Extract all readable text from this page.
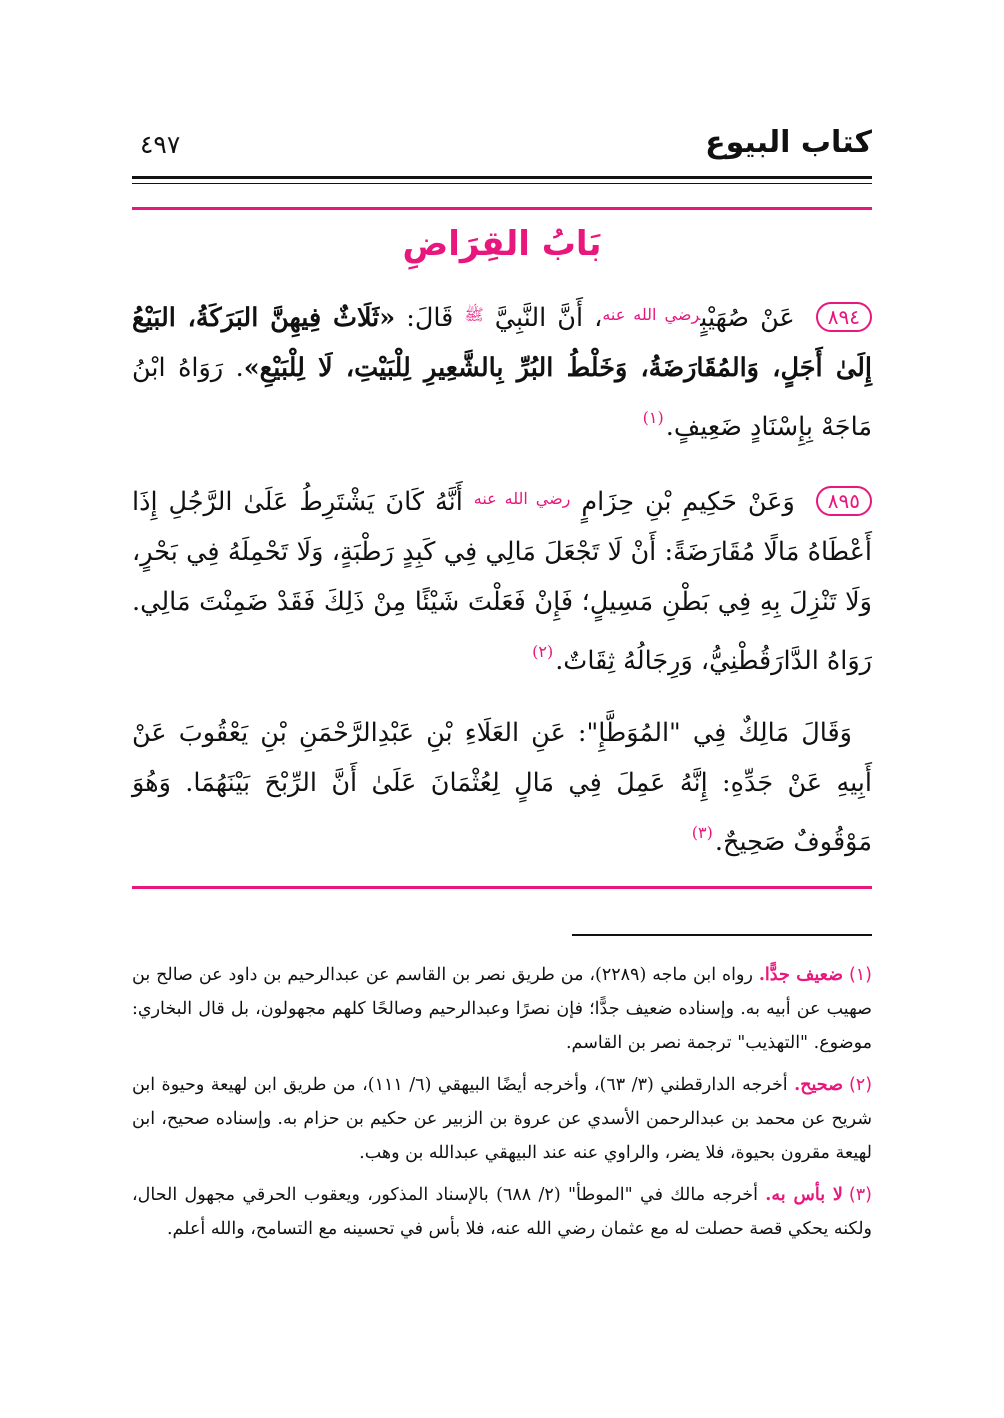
كتاب البيوع
٤٩٧
بَابُ القِرَاضِ

٨٩٤ عَنْ صُهَيْبٍ$^{رضي الله عنه}$، أَنَّ النَّبِيَّ $^ﷺ$ قَالَ: «ثَلَاثٌ فِيهِنَّ البَرَكَةُ، البَيْعُ إِلَىٰ أَجَلٍ، وَالمُقَارَضَةُ، وَخَلْطُ البُرِّ بِالشَّعِيرِ لِلْبَيْتِ، لَا لِلْبَيْعِ». رَوَاهُ ابْنُ مَاجَهْ بِإِسْنَادٍ ضَعِيفٍ.$^{(١)}$

٨٩٥ وَعَنْ حَكِيمِ بْنِ حِزَامٍ $^{رضي الله عنه}$ أَنَّهُ كَانَ يَشْتَرِطُ عَلَىٰ الرَّجُلِ إِذَا أَعْطَاهُ مَالًا مُقَارَضَةً: أَنْ لَا تَجْعَلَ مَالِي فِي كَبِدٍ رَطْبَةٍ، وَلَا تَحْمِلَهُ فِي بَحْرٍ، وَلَا تَنْزِلَ بِهِ فِي بَطْنِ مَسِيلٍ؛ فَإِنْ فَعَلْتَ شَيْئًا مِنْ ذَلِكَ فَقَدْ ضَمِنْتَ مَالِي. رَوَاهُ الدَّارَقُطْنِيُّ، وَرِجَالُهُ ثِقَاتٌ.$^{(٢)}$

وَقَالَ مَالِكٌ فِي "المُوَطَّإِ": عَنِ العَلَاءِ بْنِ عَبْدِالرَّحْمَنِ بْنِ يَعْقُوبَ عَنْ أَبِيهِ عَنْ جَدِّهِ: إِنَّهُ عَمِلَ فِي مَالٍ لِعُثْمَانَ عَلَىٰ أَنَّ الرِّبْحَ بَيْنَهُمَا. وَهُوَ مَوْقُوفٌ صَحِيحٌ.$^{(٣)}$

(١)ضعيف جدًّا. رواه ابن ماجه (٢٢٨٩)، من طريق نصر بن القاسم عن عبدالرحيم بن داود عن صالح بن صهيب عن أبيه به. وإسناده ضعيف جدًّا؛ فإن نصرًا وعبدالرحيم وصالحًا كلهم مجهولون، بل قال البخاري: موضوع. "التهذيب" ترجمة نصر بن القاسم.

(٢)صحيح. أخرجه الدارقطني (٣/ ٦٣)، وأخرجه أيضًا البيهقي (٦/ ١١١)، من طريق ابن لهيعة وحيوة ابن شريح عن محمد بن عبدالرحمن الأسدي عن عروة بن الزبير عن حكيم بن حزام به. وإسناده صحيح، ابن لهيعة مقرون بحيوة، فلا يضر، والراوي عنه عند البيهقي عبدالله بن وهب.

(٣)لا بأس به. أخرجه مالك في "الموطأ" (٢/ ٦٨٨) بالإسناد المذكور، ويعقوب الحرقي مجهول الحال، ولكنه يحكي قصة حصلت له مع عثمان رضي الله عنه، فلا بأس في تحسينه مع التسامح، والله أعلم.
